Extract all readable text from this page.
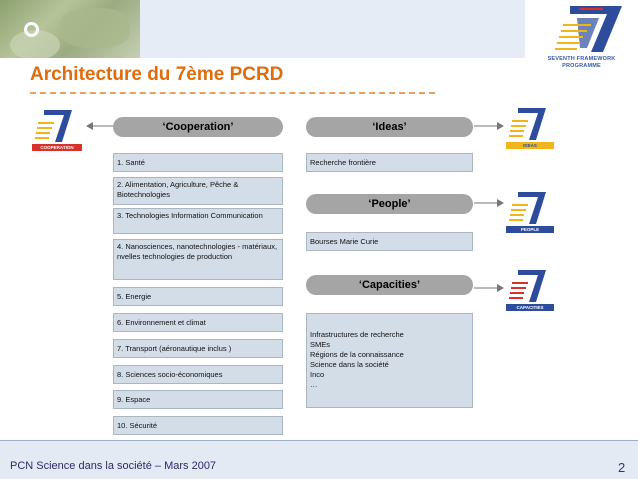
SEVENTH FRAMEWORK
PROGRAMME
Architecture du 7ème PCRD
COOPERATION
‘Cooperation’
1. Santé
2. Alimentation, Agriculture, Pêche & Biotechnologies
3. Technologies Information Communication
4. Nanosciences, nanotechnologies - matériaux, nvelles technologies de production
5. Energie
6. Environnement et climat
7. Transport (aéronautique inclus )
8. Sciences socio-économiques
9. Espace
10. Sécurité
‘Ideas’
Recherche frontière
IDEAS
‘People’
Bourses Marie Curie
PEOPLE
‘Capacities’
Infrastructures de recherche
SMEs
Régions de la connaissance
Science dans la société
Inco
…
CAPACITIES
PCN Science dans la société – Mars 2007	2
